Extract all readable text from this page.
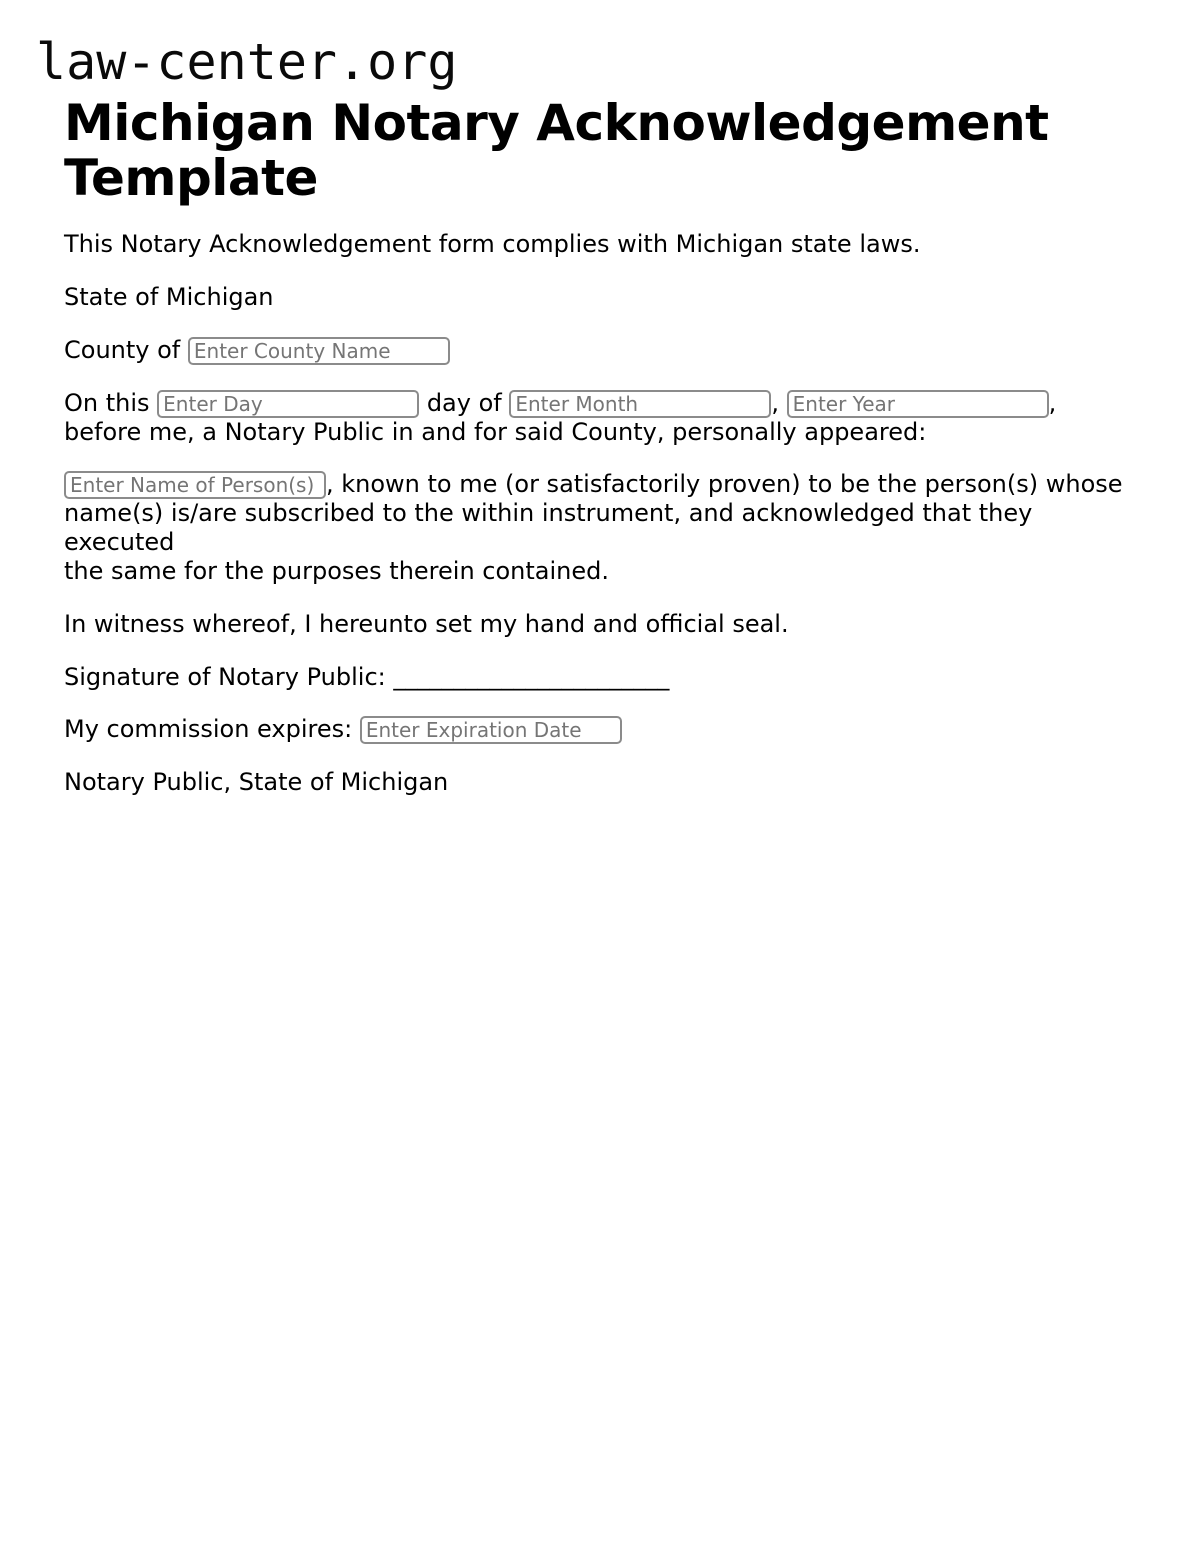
law-center.org
Michigan Notary Acknowledgement Template

This Notary Acknowledgement form complies with Michigan state laws.

State of Michigan

County of Enter County Name

On this Enter Day	day of Enter Month	, Enter Year	,
before me, a Notary Public in and for said County, personally appeared:

Enter Name of Person(s) A, known to me (or satisfactorily proven) to be the person(s) whose
name(s) is/are subscribed to the within instrument, and acknowledged that they executed
the same for the purposes therein contained.

In witness whereof, I hereunto set my hand and official seal.

Signature of Notary Public: _______________________

My commission expires: Enter Expiration Date

Notary Public, State of Michigan
